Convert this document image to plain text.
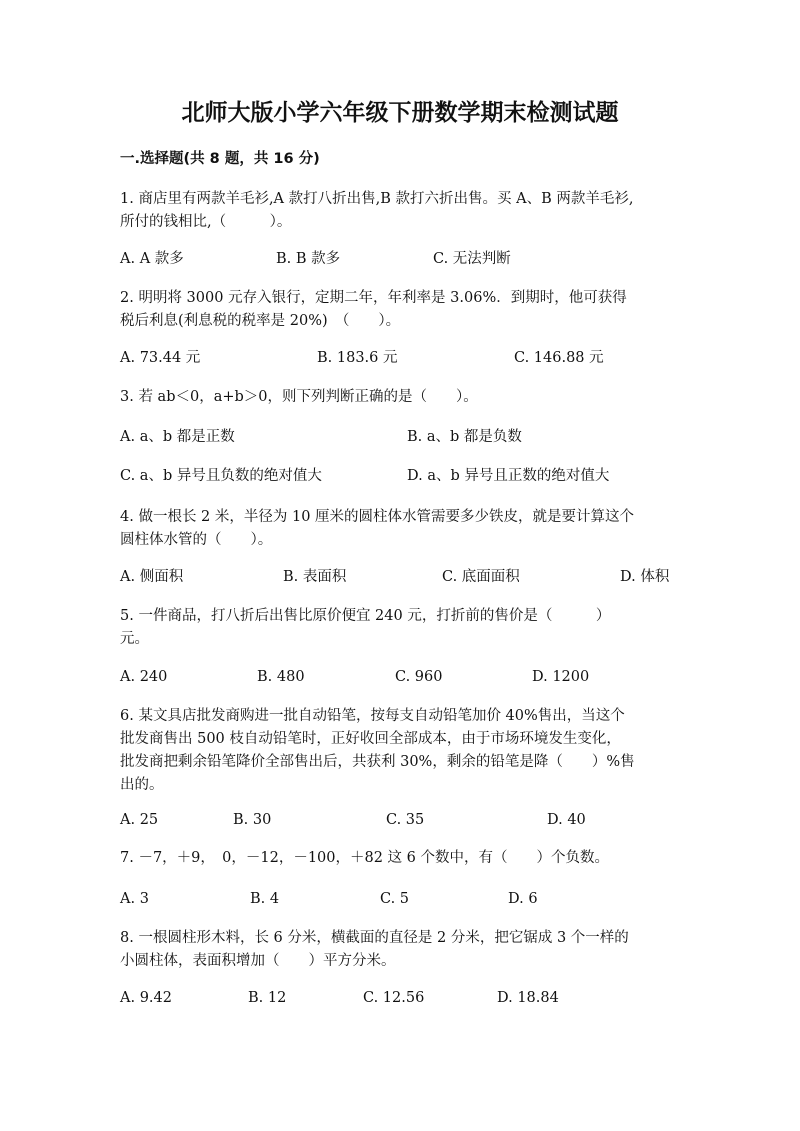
北师大版小学六年级下册数学期末检测试题
一.选择题(共 8 题，共 16 分)
1. 商店里有两款羊毛衫,A 款打八折出售,B 款打六折出售。买 A、B 两款羊毛衫,
所付的钱相比,（　　　）。
A. A 款多	B. B 款多	C. 无法判断
2. 明明将 3000 元存入银行，定期二年，年利率是 3.06%．到期时，他可获得
税后利息(利息税的税率是 20%)　（　　）。
A. 73.44 元	B. 183.6 元	C. 146.88 元
3. 若 ab＜0，a+b＞0，则下列判断正确的是（　　）。
A. a、b 都是正数	B. a、b 都是负数
C. a、b 异号且负数的绝对值大	D. a、b 异号且正数的绝对值大
4. 做一根长 2 米，半径为 10 厘米的圆柱体水管需要多少铁皮，就是要计算这个
圆柱体水管的（　　）。
A. 侧面积	B. 表面积	C. 底面面积	D. 体积
5. 一件商品，打八折后出售比原价便宜 240 元，打折前的售价是（　　　）
元。
A. 240	B. 480	C. 960	D. 1200
6. 某文具店批发商购进一批自动铅笔，按每支自动铅笔加价 40%售出，当这个
批发商售出 500 枝自动铅笔时，正好收回全部成本，由于市场环境发生变化，
批发商把剩余铅笔降价全部售出后，共获利 30%，剩余的铅笔是降（　　）%售
出的。
A. 25	B. 30	C. 35	D. 40
7. －7，＋9，　0，－12，－100，＋82 这 6 个数中，有（　　）个负数。
A. 3	B. 4	C. 5	D. 6
8. 一根圆柱形木料，长 6 分米，横截面的直径是 2 分米，把它锯成 3 个一样的
小圆柱体，表面积增加（　　）平方分米。
A. 9.42	B. 12	C. 12.56	D. 18.84
